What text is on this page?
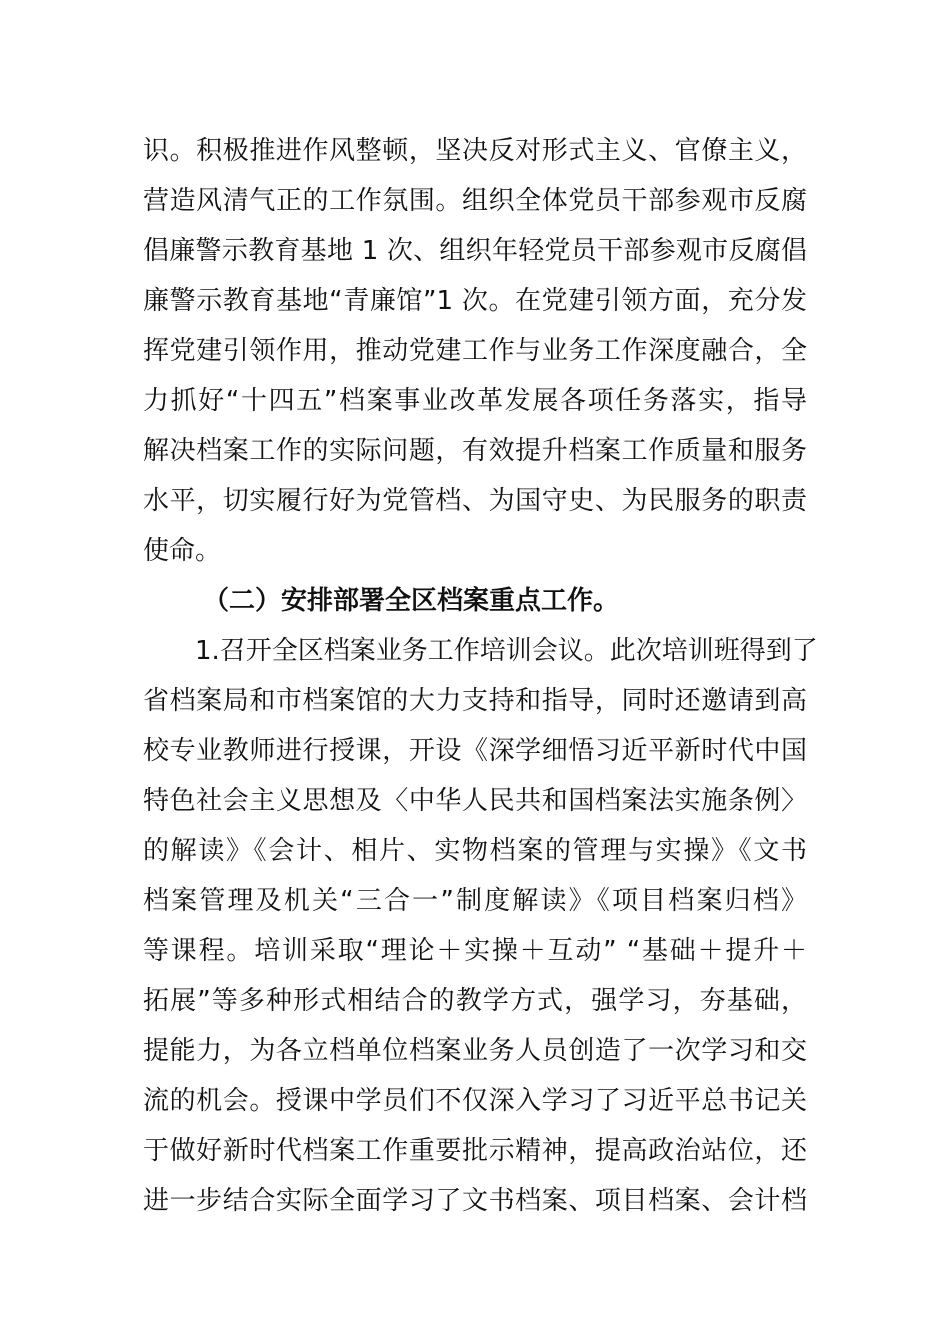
识。积极推进作风整顿，坚决反对形式主义、官僚主义，
营造风清气正的工作氛围。组织全体党员干部参观市反腐
倡廉警示教育基地 1 次、组织年轻党员干部参观市反腐倡
廉警示教育基地“青廉馆”1 次。在党建引领方面，充分发
挥党建引领作用，推动党建工作与业务工作深度融合，全
力抓好“十四五”档案事业改革发展各项任务落实，指导
解决档案工作的实际问题，有效提升档案工作质量和服务
水平，切实履行好为党管档、为国守史、为民服务的职责
使命。
（二）安排部署全区档案重点工作。
1.召开全区档案业务工作培训会议。此次培训班得到了
省档案局和市档案馆的大力支持和指导，同时还邀请到高
校专业教师进行授课，开设《深学细悟习近平新时代中国
特色社会主义思想及〈中华人民共和国档案法实施条例〉
的解读》《会计、相片、实物档案的管理与实操》《文书
档案管理及机关“三合一”制度解读》《项目档案归档》
等课程。培训采取“理论＋实操＋互动” “基础＋提升＋
拓展”等多种形式相结合的教学方式，强学习，夯基础，
提能力，为各立档单位档案业务人员创造了一次学习和交
流的机会。授课中学员们不仅深入学习了习近平总书记关
于做好新时代档案工作重要批示精神，提高政治站位，还
进一步结合实际全面学习了文书档案、项目档案、会计档
